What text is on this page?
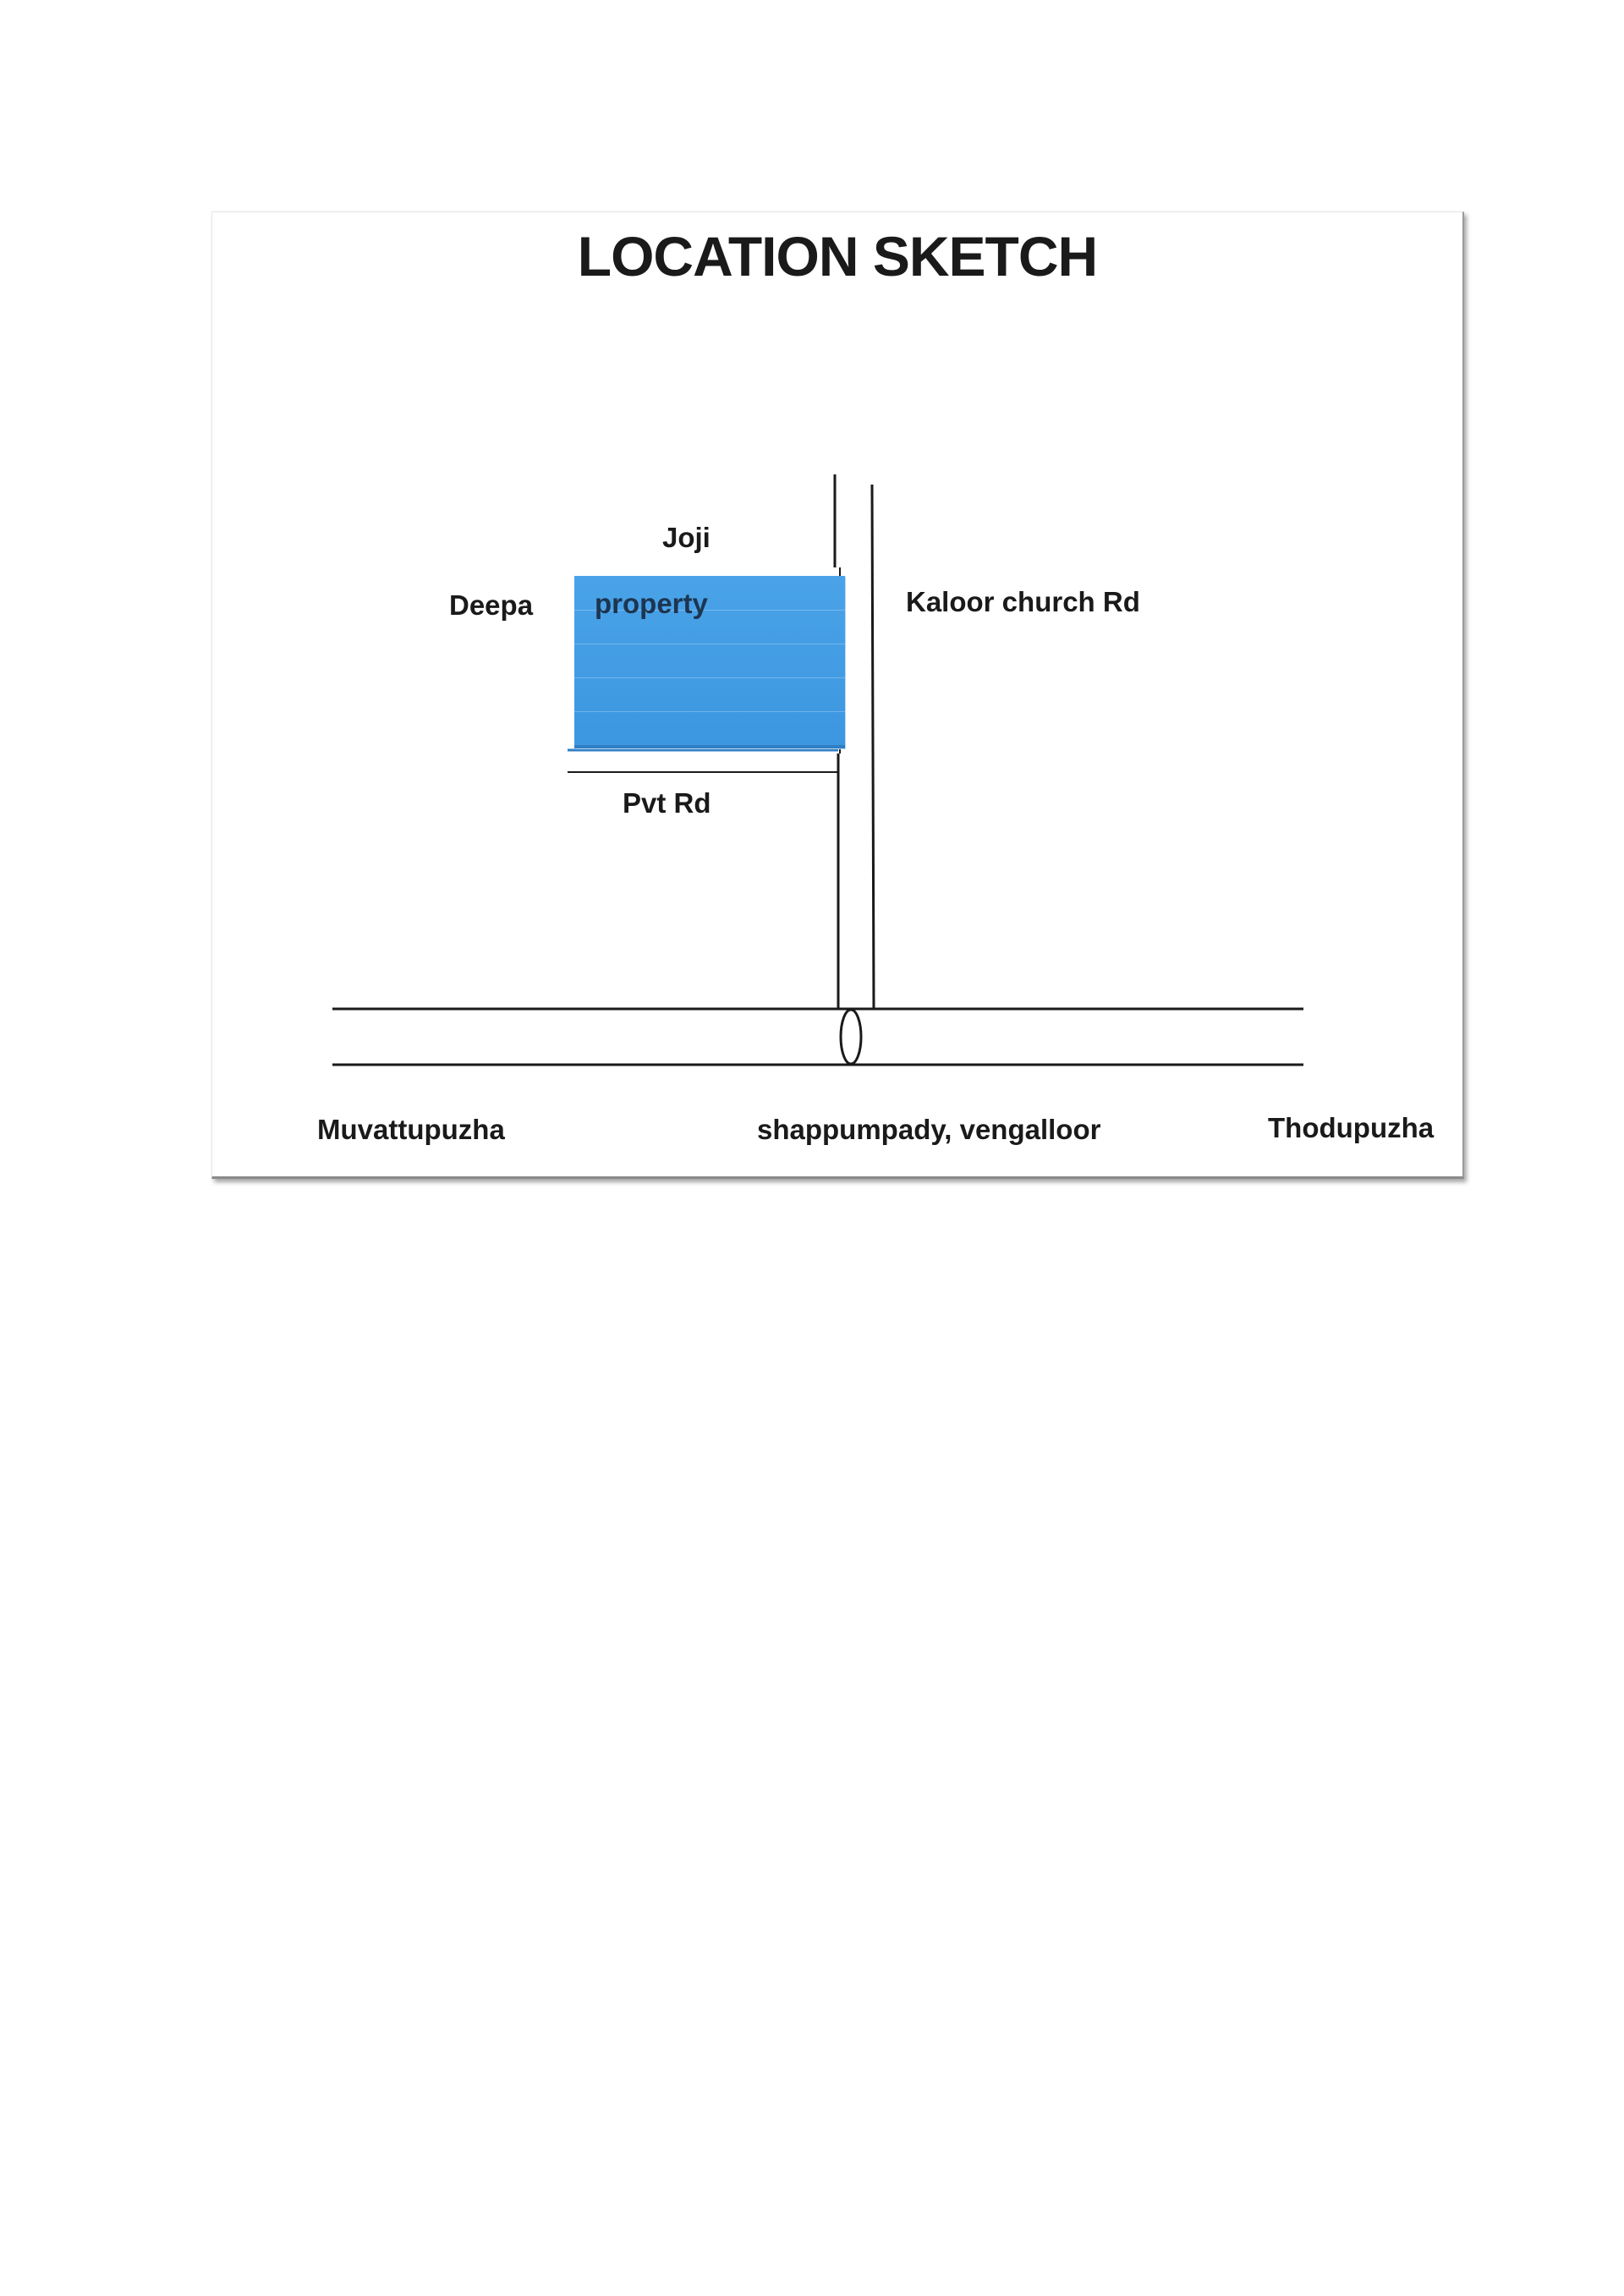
LOCATION SKETCH
property
Joji
Deepa	Kaloor church Rd
Pvt Rd
Muvattupuzha	shappumpady, vengalloor	Thodupuzha
